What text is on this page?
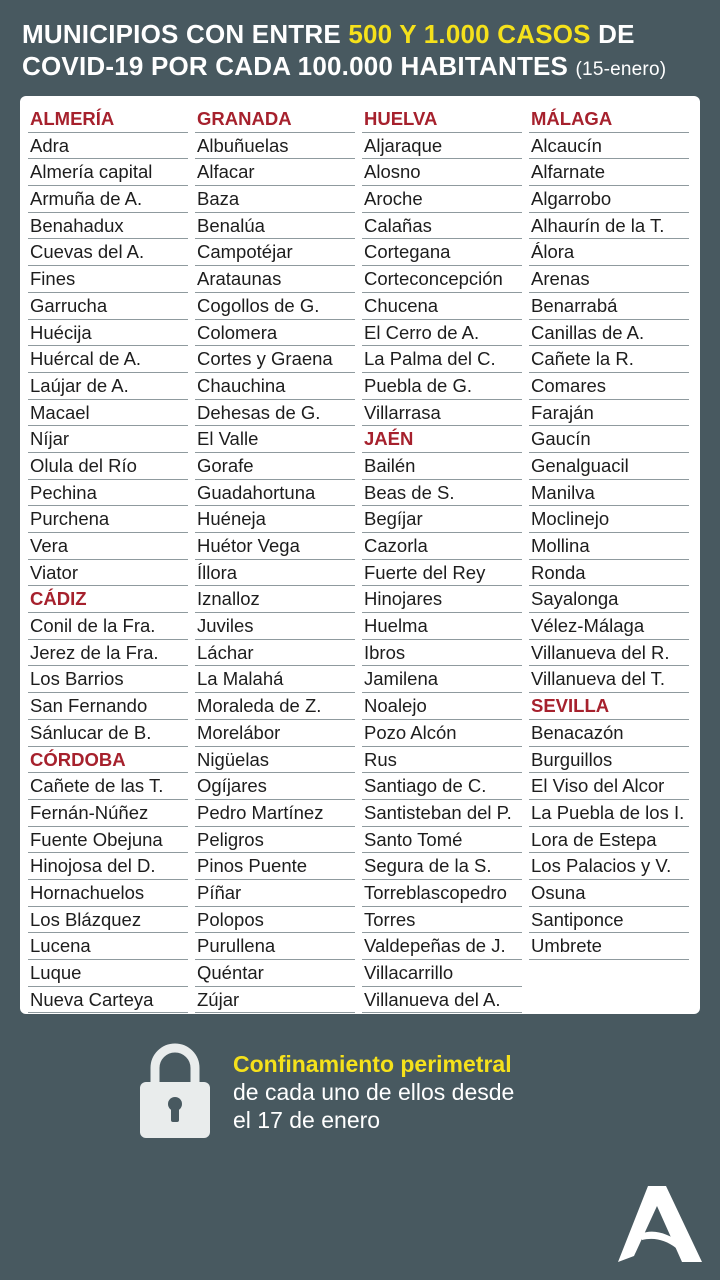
MUNICIPIOS CON ENTRE 500 Y 1.000 CASOS DE
COVID-19 POR CADA 100.000 HABITANTES (15-enero)
ALMERÍA
Adra
Almería capital
Armuña de A.
Benahadux
Cuevas del A.
Fines
Garrucha
Huécija
Huércal de A.
Laújar de A.
Macael
Níjar
Olula del Río
Pechina
Purchena
Vera
Viator
CÁDIZ
Conil de la Fra.
Jerez de la Fra.
Los Barrios
San Fernando
Sánlucar de B.
CÓRDOBA
Cañete de las T.
Fernán-Núñez
Fuente Obejuna
Hinojosa del D.
Hornachuelos
Los Blázquez
Lucena
Luque
Nueva Carteya
GRANADA
Albuñuelas
Alfacar
Baza
Benalúa
Campotéjar
Arataunas
Cogollos de G.
Colomera
Cortes y Graena
Chauchina
Dehesas de G.
El Valle
Gorafe
Guadahortuna
Huéneja
Huétor Vega
Íllora
Iznalloz
Juviles
Láchar
La Malahá
Moraleda de Z.
Morelábor
Nigüelas
Ogíjares
Pedro Martínez
Peligros
Pinos Puente
Píñar
Polopos
Purullena
Quéntar
Zújar
HUELVA
Aljaraque
Alosno
Aroche
Calañas
Cortegana
Corteconcepción
Chucena
El Cerro de A.
La Palma del C.
Puebla de G.
Villarrasa
JAÉN
Bailén
Beas de S.
Begíjar
Cazorla
Fuerte del Rey
Hinojares
Huelma
Ibros
Jamilena
Noalejo
Pozo Alcón
Rus
Santiago de C.
Santisteban del P.
Santo Tomé
Segura de la S.
Torreblascopedro
Torres
Valdepeñas de J.
Villacarrillo
Villanueva del A.
MÁLAGA
Alcaucín
Alfarnate
Algarrobo
Alhaurín de la T.
Álora
Arenas
Benarrabá
Canillas de A.
Cañete la R.
Comares
Faraján
Gaucín
Genalguacil
Manilva
Moclinejo
Mollina
Ronda
Sayalonga
Vélez-Málaga
Villanueva del R.
Villanueva del T.
SEVILLA
Benacazón
Burguillos
El Viso del Alcor
La Puebla de los I.
Lora de Estepa
Los Palacios y V.
Osuna
Santiponce
Umbrete
Confinamiento perimetral
de cada uno de ellos desde
el 17 de enero
